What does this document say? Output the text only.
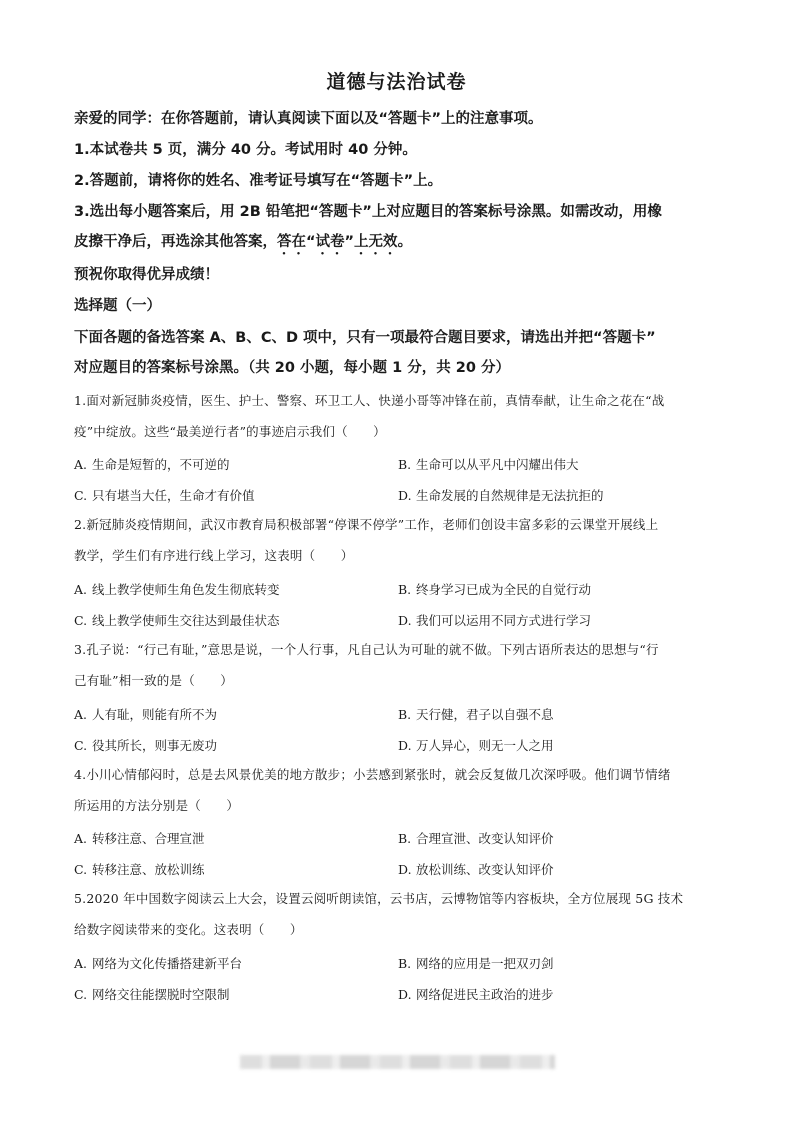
道德与法治试卷
亲爱的同学：在你答题前，请认真阅读下面以及“答题卡”上的注意事项。
1.本试卷共 5 页，满分 40 分。考试用时 40 分钟。
2.答题前，请将你的姓名、准考证号填写在“答题卡”上。
3.选出每小题答案后，用 2B 铅笔把“答题卡”上对应题目的答案标号涂黑。如需改动，用橡
皮擦干净后，再选涂其他答案，答在“试卷”上无效。
预祝你取得优异成绩！
选择题（一）
下面各题的备选答案 A、B、C、D 项中，只有一项最符合题目要求，请选出并把“答题卡”
对应题目的答案标号涂黑。（共 20 小题，每小题 1 分，共 20 分）
1.面对新冠肺炎疫情，医生、护士、警察、环卫工人、快递小哥等冲锋在前，真情奉献，让生命之花在“战
疫”中绽放。这些“最美逆行者”的事迹启示我们（　　）
A. 生命是短暂的，不可逆的	B. 生命可以从平凡中闪耀出伟大
C. 只有堪当大任，生命才有价值	D. 生命发展的自然规律是无法抗拒的
2.新冠肺炎疫情期间，武汉市教育局积极部署“停课不停学”工作，老师们创设丰富多彩的云课堂开展线上
教学，学生们有序进行线上学习，这表明（　　）
A. 线上教学使师生角色发生彻底转变	B. 终身学习已成为全民的自觉行动
C. 线上教学使师生交往达到最佳状态	D. 我们可以运用不同方式进行学习
3.孔子说：“行己有耻，”意思是说，一个人行事，凡自己认为可耻的就不做。下列古语所表达的思想与“行
己有耻”相一致的是（　　）
A. 人有耻，则能有所不为	B. 天行健，君子以自强不息
C. 役其所长，则事无废功	D. 万人异心，则无一人之用
4.小川心情郁闷时，总是去风景优美的地方散步；小芸感到紧张时，就会反复做几次深呼吸。他们调节情绪
所运用的方法分别是（　　）
A. 转移注意、合理宣泄	B. 合理宣泄、改变认知评价
C. 转移注意、放松训练	D. 放松训练、改变认知评价
5.2020 年中国数字阅读云上大会，设置云阅听朗读馆，云书店，云博物馆等内容板块，全方位展现 5G 技术
给数字阅读带来的变化。这表明（　　）
A. 网络为文化传播搭建新平台	B. 网络的应用是一把双刃剑
C. 网络交往能摆脱时空限制	D. 网络促进民主政治的进步
